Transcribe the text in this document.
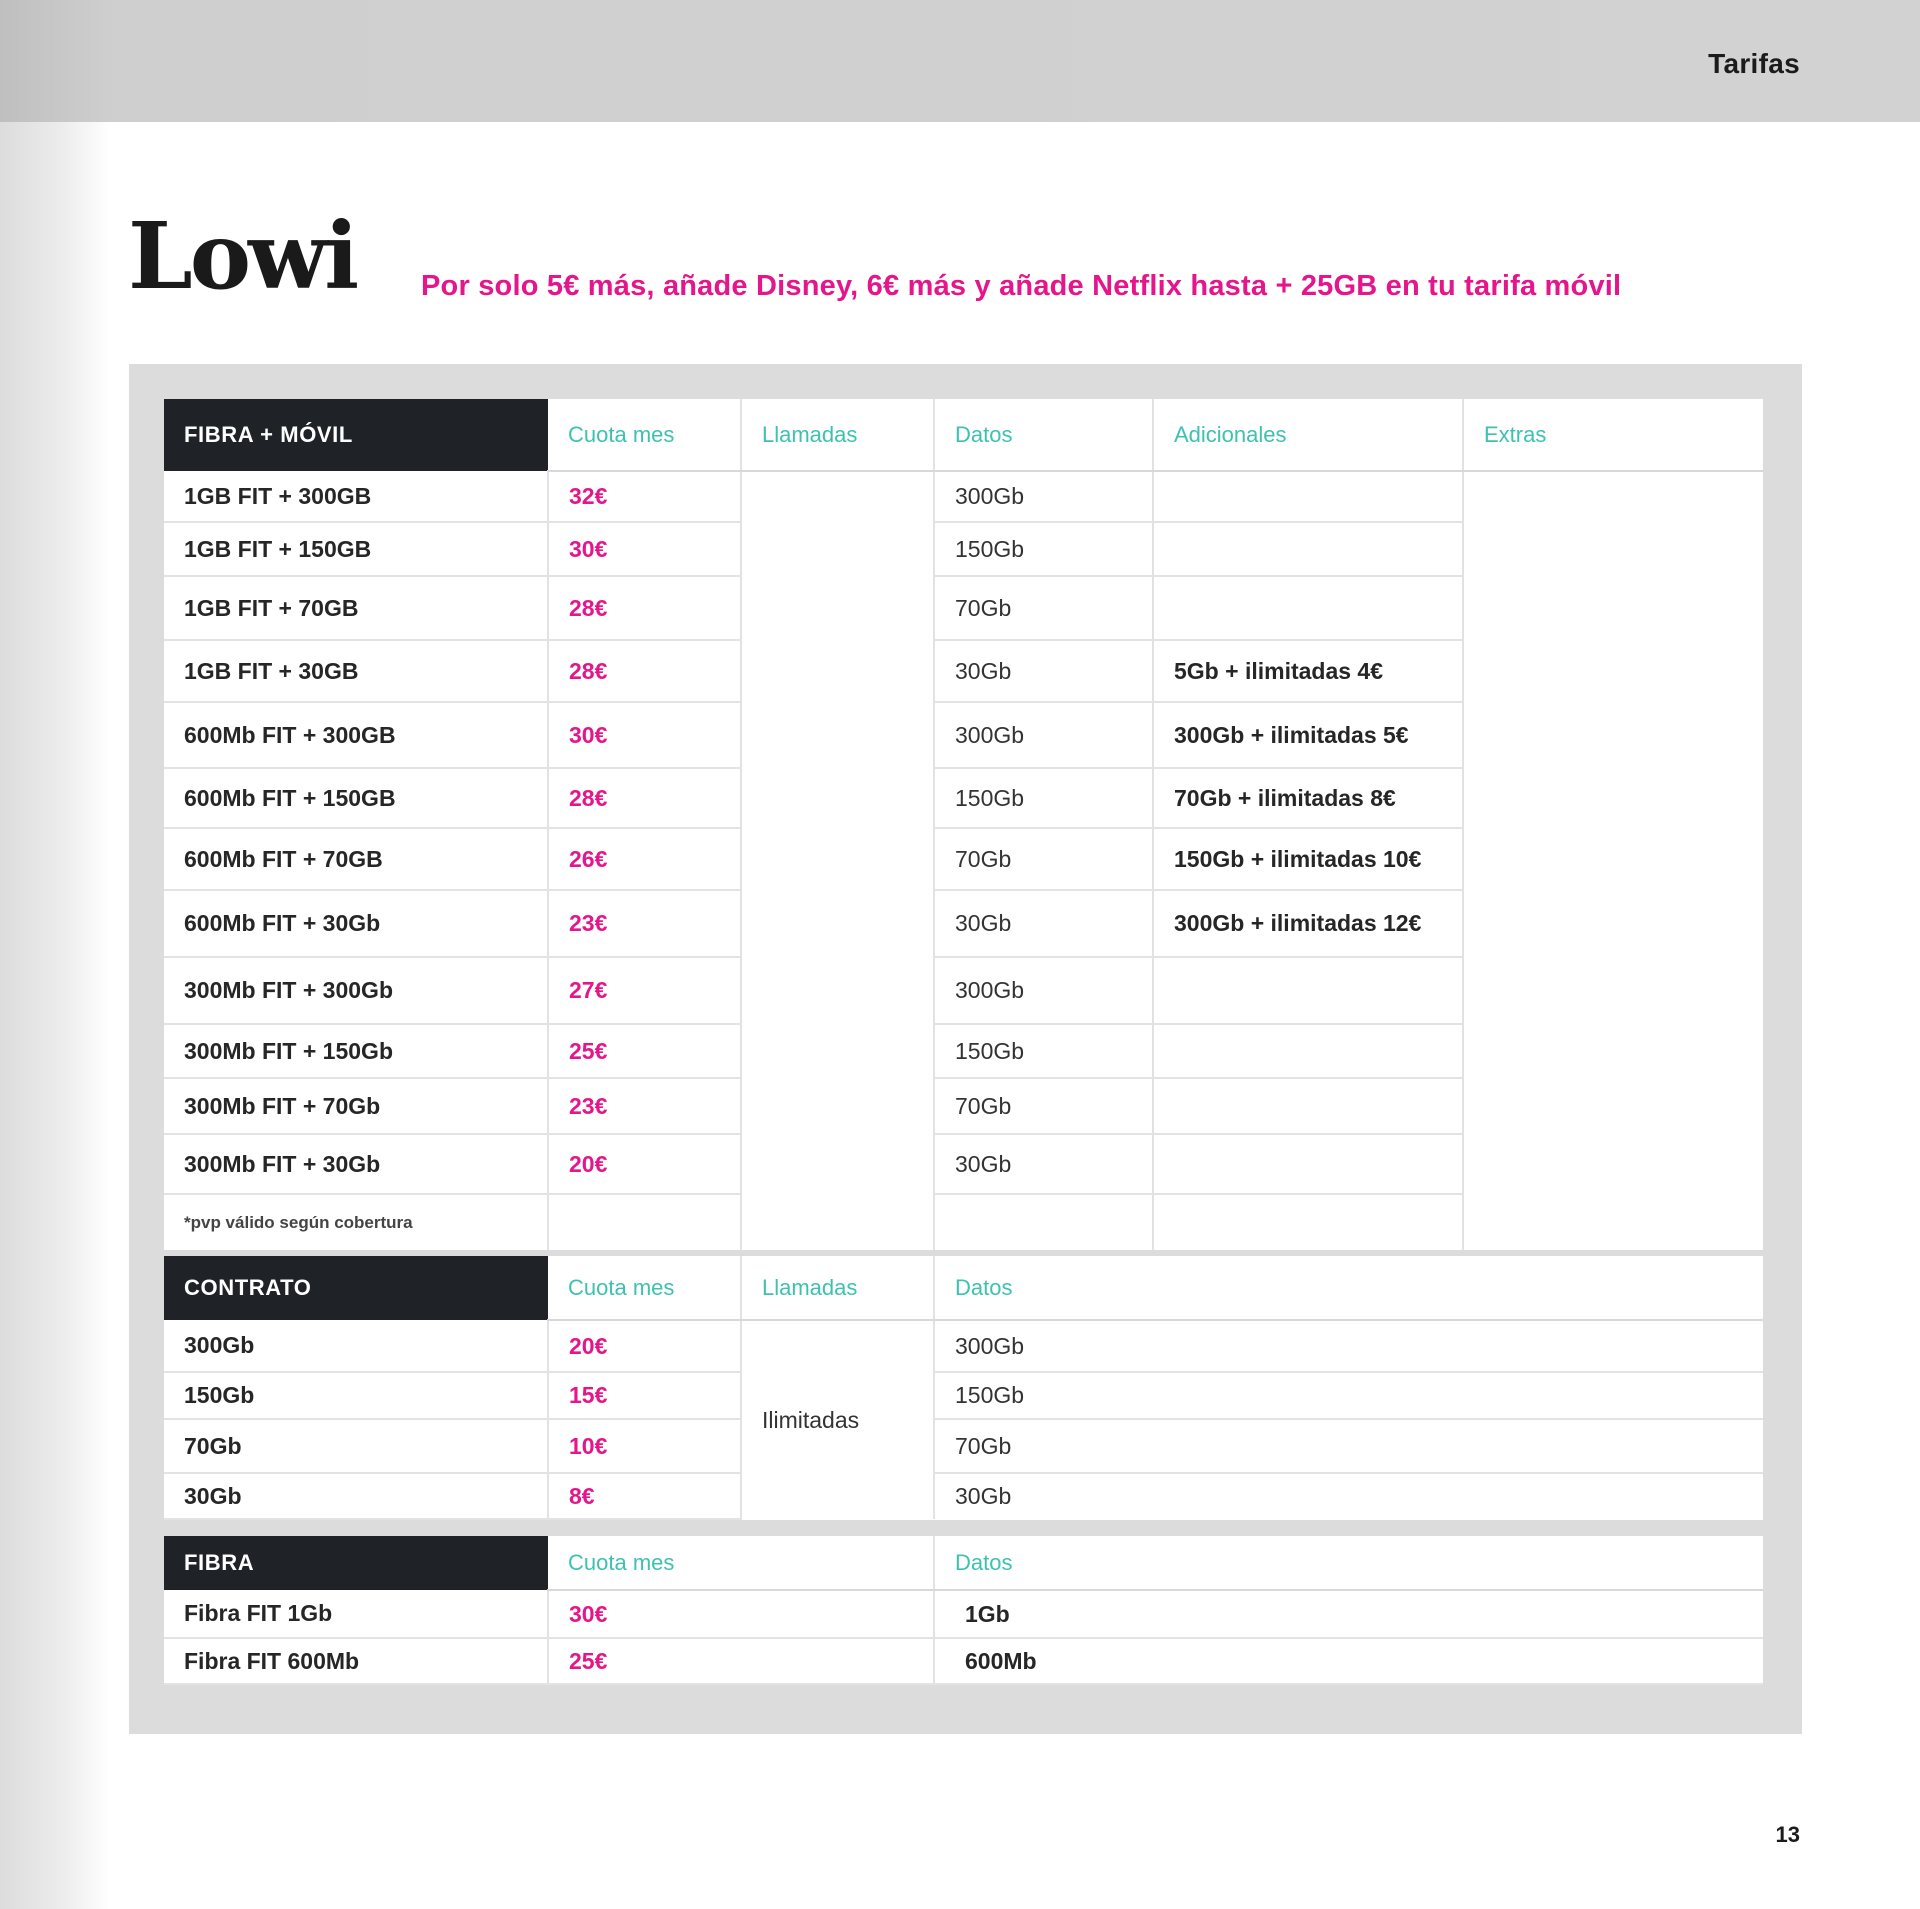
Tarifas
Lowi Por solo 5€ más, añade Disney, 6€ más y añade Netflix hasta + 25GB en tu tarifa móvil
FIBRA + MÓVIL	Cuota mes	Llamadas	Datos	Adicionales	Extras
1GB FIT + 300GB	32€		300Gb		
1GB FIT + 150GB	30€		150Gb		
1GB FIT + 70GB	28€		70Gb		
1GB FIT + 30GB	28€		30Gb	5Gb + ilimitadas 4€	
600Mb FIT + 300GB	30€		300Gb	300Gb + ilimitadas 5€	
600Mb FIT + 150GB	28€		150Gb	70Gb + ilimitadas 8€	
600Mb FIT + 70GB	26€		70Gb	150Gb + ilimitadas 10€	
600Mb FIT + 30Gb	23€		30Gb	300Gb + ilimitadas 12€	
300Mb FIT + 300Gb	27€		300Gb		
300Mb FIT + 150Gb	25€		150Gb		
300Mb FIT + 70Gb	23€		70Gb		
300Mb FIT + 30Gb	20€		30Gb		
*pvp válido según cobertura					
CONTRATO	Cuota mes	Llamadas	Datos
300Gb	20€	Ilimitadas	300Gb
150Gb	15€		150Gb
70Gb	10€		70Gb
30Gb	8€		30Gb
FIBRA	Cuota mes	Datos
Fibra FIT 1Gb	30€	1Gb
Fibra FIT 600Mb	25€	600Mb
13
